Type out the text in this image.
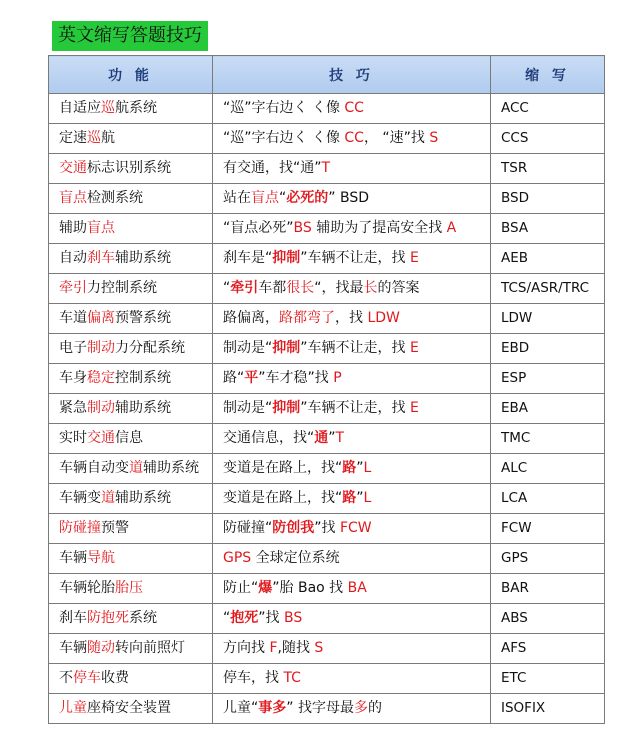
英文缩写答题技巧
功 能	技 巧	缩 写
自适应巡航系统	“巡”字右边く く像 CC	ACC
定速巡航	“巡”字右边く く像 CC， “速”找 S	CCS
交通标志识别系统	有交通，找“通”T	TSR
盲点检测系统	站在盲点“必死的” BSD	BSD
辅助盲点	“盲点必死”BS 辅助为了提高安全找 A	BSA
自动刹车辅助系统	刹车是“抑制”车辆不让走，找 E	AEB
牵引力控制系统	“牵引车都很长“，找最长的答案	TCS/ASR/TRC
车道偏离预警系统	路偏离，路都弯了，找 LDW	LDW
电子制动力分配系统	制动是“抑制”车辆不让走，找 E	EBD
车身稳定控制系统	路“平”车才稳”找 P	ESP
紧急制动辅助系统	制动是“抑制”车辆不让走，找 E	EBA
实时交通信息	交通信息，找“通”T	TMC
车辆自动变道辅助系统	变道是在路上，找“路”L	ALC
车辆变道辅助系统	变道是在路上，找“路”L	LCA
防碰撞预警	防碰撞“防创我”找 FCW	FCW
车辆导航	GPS 全球定位系统	GPS
车辆轮胎胎压	防止“爆”胎 Bao 找 BA	BAR
刹车防抱死系统	“抱死”找 BS	ABS
车辆随动转向前照灯	方向找 F,随找 S	AFS
不停车收费	停车，找 TC	ETC
儿童座椅安全装置	儿童“事多” 找字母最多的	ISOFIX
